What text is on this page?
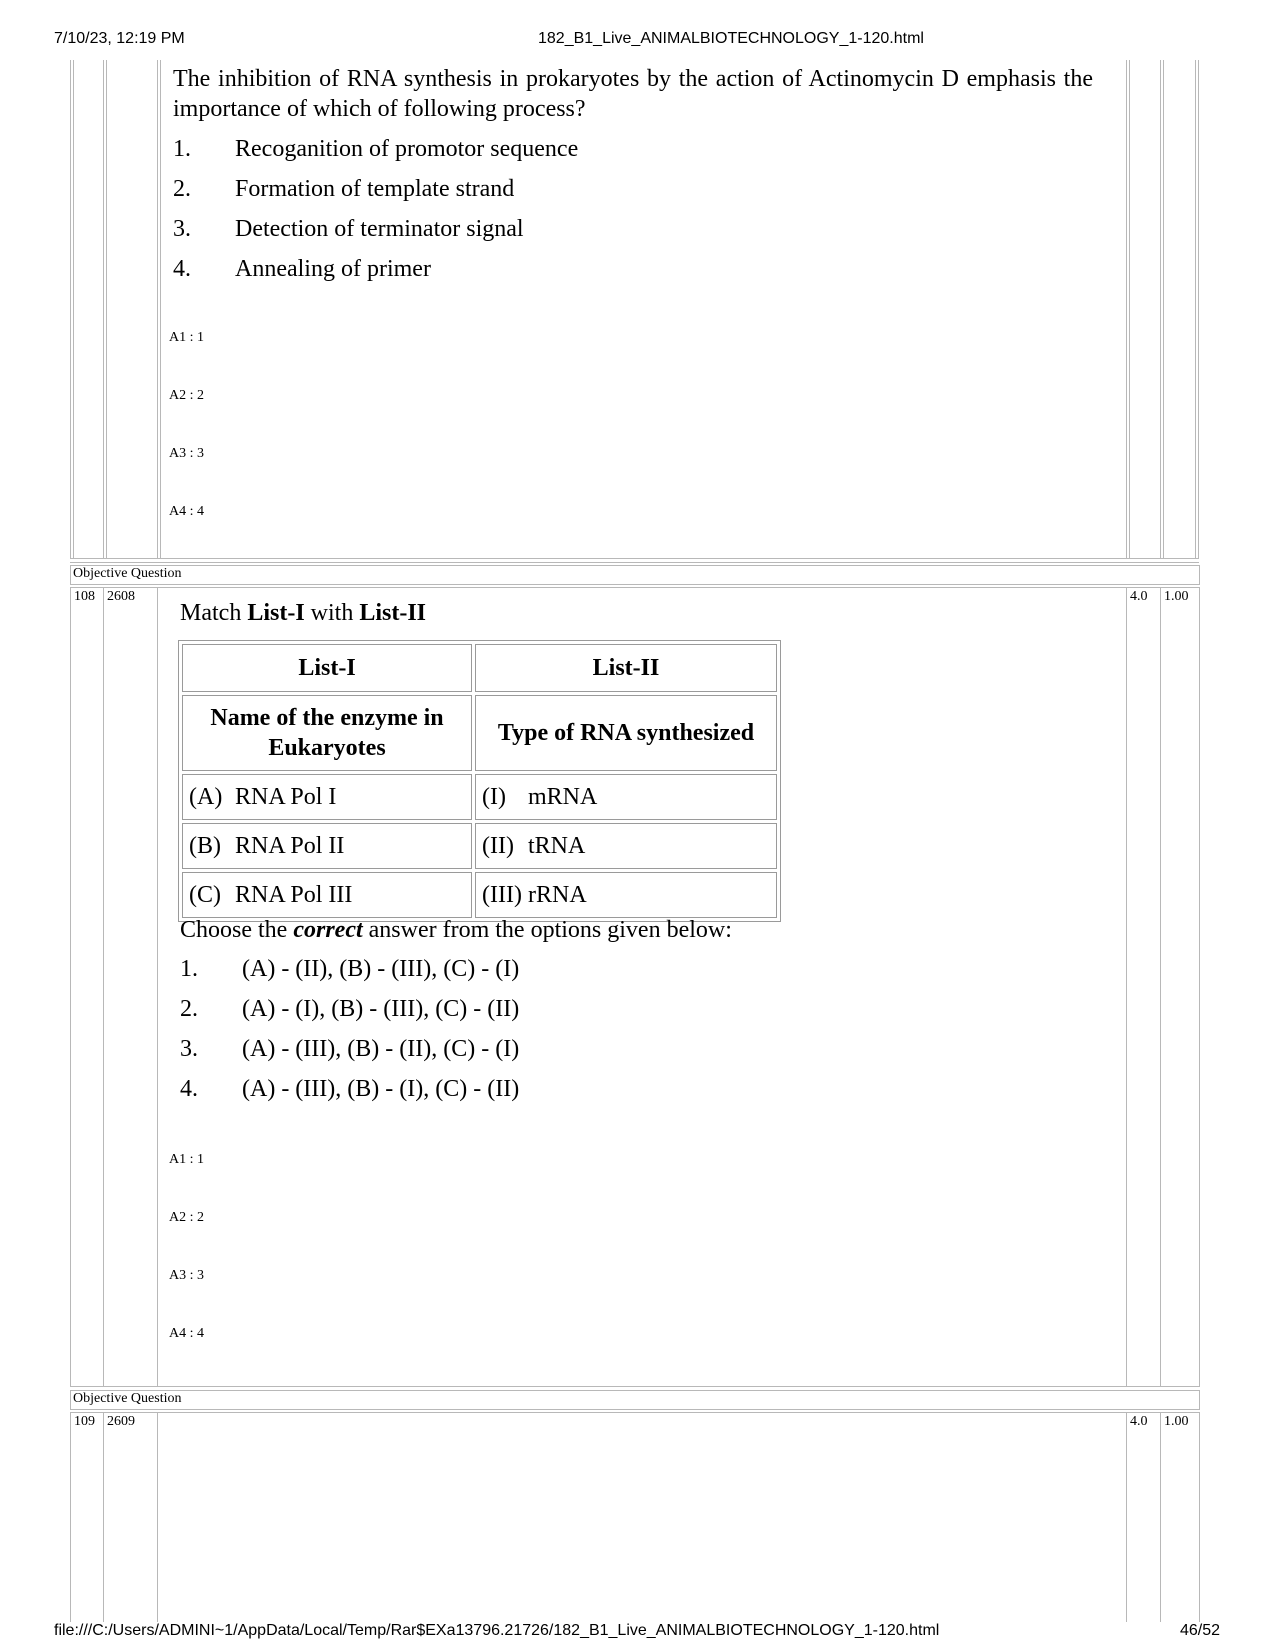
7/10/23, 12:19 PM	182_B1_Live_ANIMALBIOTECHNOLOGY_1-120.html
The inhibition of RNA synthesis in prokaryotes by the action of Actinomycin D emphasis the importance of which of following process?
1. Recoganition of promotor sequence
2. Formation of template strand
3. Detection of terminator signal
4. Annealing of primer
A1 : 1
A2 : 2
A3 : 3
A4 : 4
Objective Question
108 2608	4.0 1.00
Match List-I with List-II
List-I	List-II
Name of the enzyme in
Eukaryotes	Type of RNA synthesized
(A) RNA Pol I	(I) mRNA
(B) RNA Pol II	(II) tRNA
(C) RNA Pol III	(III) rRNA
Choose the correct answer from the options given below:
1. (A) - (II), (B) - (III), (C) - (I)
2. (A) - (I), (B) - (III), (C) - (II)
3. (A) - (III), (B) - (II), (C) - (I)
4. (A) - (III), (B) - (I), (C) - (II)
A1 : 1
A2 : 2
A3 : 3
A4 : 4
Objective Question
109 2609	4.0 1.00
file:///C:/Users/ADMINI~1/AppData/Local/Temp/Rar$EXa13796.21726/182_B1_Live_ANIMALBIOTECHNOLOGY_1-120.html	46/52
